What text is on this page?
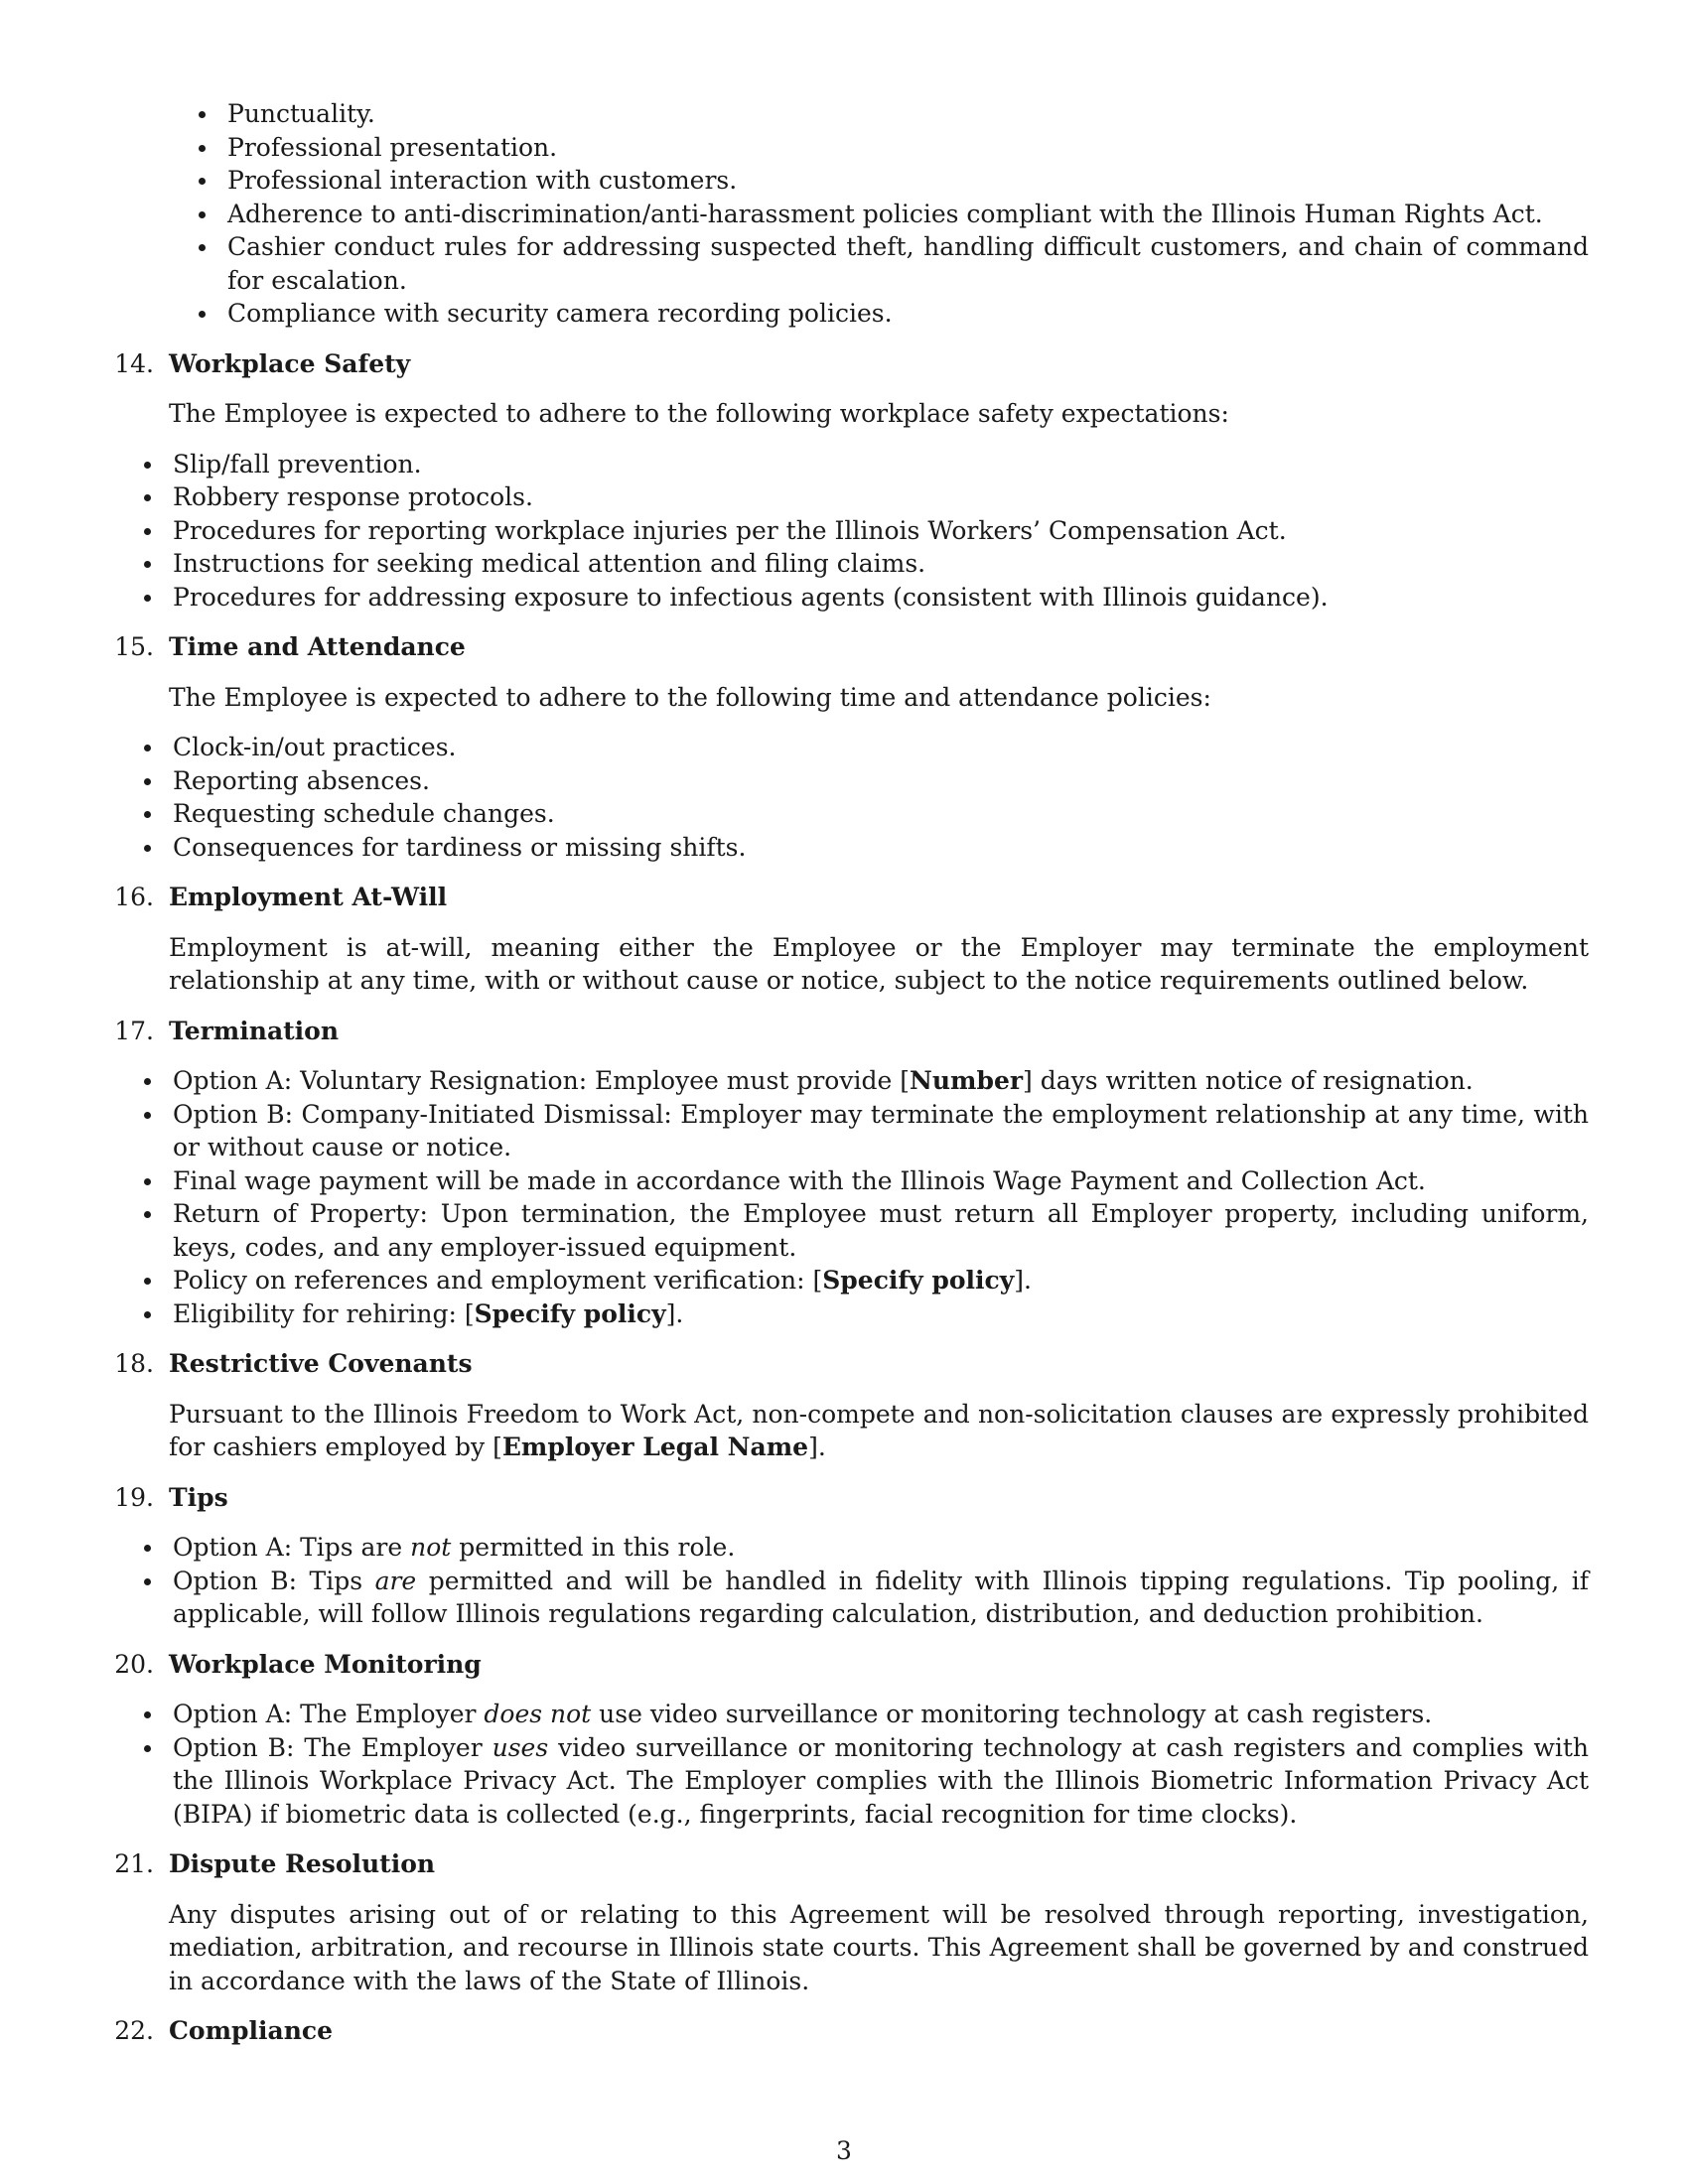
Punctuality.
Professional presentation.
Professional interaction with customers.
Adherence to anti-discrimination/anti-harassment policies compliant with the Illinois Human Rights Act.
Cashier conduct rules for addressing suspected theft, handling difficult customers, and chain of command for escalation.
Compliance with security camera recording policies.
14. Workplace Safety
The Employee is expected to adhere to the following workplace safety expectations:
Slip/fall prevention.
Robbery response protocols.
Procedures for reporting workplace injuries per the Illinois Workers’ Compensation Act.
Instructions for seeking medical attention and filing claims.
Procedures for addressing exposure to infectious agents (consistent with Illinois guidance).
15. Time and Attendance
The Employee is expected to adhere to the following time and attendance policies:
Clock-in/out practices.
Reporting absences.
Requesting schedule changes.
Consequences for tardiness or missing shifts.
16. Employment At-Will
Employment is at-will, meaning either the Employee or the Employer may terminate the employment relationship at any time, with or without cause or notice, subject to the notice requirements outlined below.
17. Termination
Option A: Voluntary Resignation: Employee must provide [Number] days written notice of resignation.
Option B: Company-Initiated Dismissal: Employer may terminate the employment relationship at any time, with or without cause or notice.
Final wage payment will be made in accordance with the Illinois Wage Payment and Collection Act.
Return of Property: Upon termination, the Employee must return all Employer property, including uniform, keys, codes, and any employer-issued equipment.
Policy on references and employment verification: [Specify policy].
Eligibility for rehiring: [Specify policy].
18. Restrictive Covenants
Pursuant to the Illinois Freedom to Work Act, non-compete and non-solicitation clauses are expressly prohibited for cashiers employed by [Employer Legal Name].
19. Tips
Option A: Tips are not permitted in this role.
Option B: Tips are permitted and will be handled in fidelity with Illinois tipping regulations. Tip pooling, if applicable, will follow Illinois regulations regarding calculation, distribution, and deduction prohibition.
20. Workplace Monitoring
Option A: The Employer does not use video surveillance or monitoring technology at cash registers.
Option B: The Employer uses video surveillance or monitoring technology at cash registers and complies with the Illinois Workplace Privacy Act. The Employer complies with the Illinois Biometric Information Privacy Act (BIPA) if biometric data is collected (e.g., fingerprints, facial recognition for time clocks).
21. Dispute Resolution
Any disputes arising out of or relating to this Agreement will be resolved through reporting, investigation, mediation, arbitration, and recourse in Illinois state courts. This Agreement shall be governed by and construed in accordance with the laws of the State of Illinois.
22. Compliance
3
